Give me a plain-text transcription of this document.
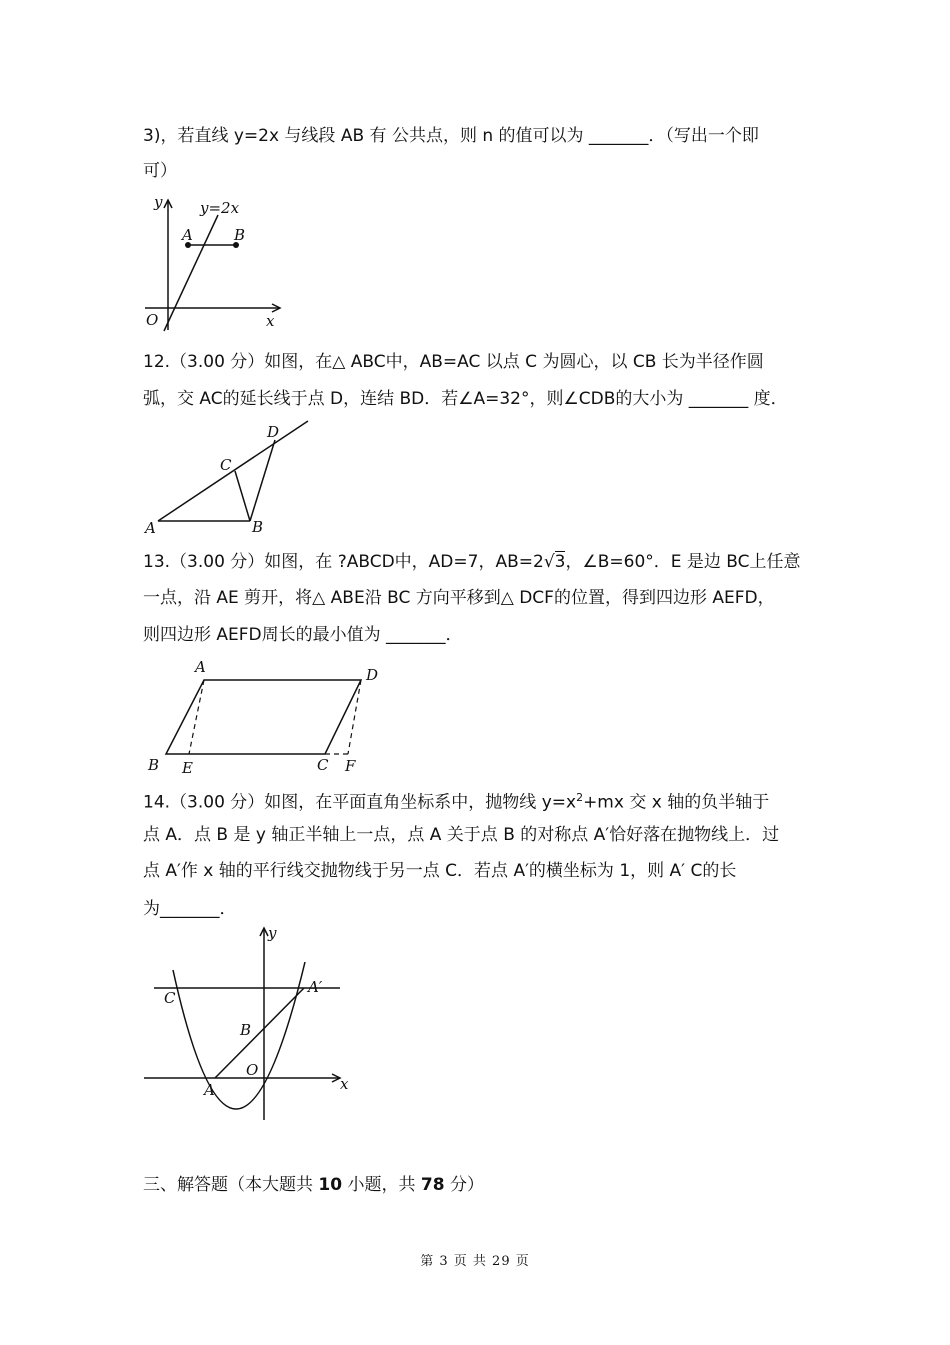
3)，若直线 y=2x 与线段 AB 有 公共点，则 n 的值可以为 _______．（写出一个即
可）
y=2x
A	B
O	x
y
12.（3.00 分）如图，在△ ABC中，AB=AC 以点 C 为圆心，以 CB 长为半径作圆
弧，交 AC的延长线于点 D，连结 BD．若∠A=32°，则∠CDB的大小为 _______ 度．
A	B
C
D
13.（3.00 分）如图，在 ?ABCD中，AD=7，AB=2√3，∠B=60°．E 是边 BC上任意
一点，沿 AE 剪开，将△ ABE沿 BC 方向平移到△ DCF的位置，得到四边形 AEFD，
则四边形 AEFD周长的最小值为 _______．
A	D
B E	C F
14.（3.00 分）如图，在平面直角坐标系中，抛物线 $y=x^2+mx$ 交 x 轴的负半轴于
点 A．点 B 是 y 轴正半轴上一点，点 A 关于点 B 的对称点 A′恰好落在抛物线上．过
点 A′作 x 轴的平行线交抛物线于另一点 C．若点 A′的横坐标为 1，则 A′ C的长
为_______．
C
A′
B
O
A	x
y
三、解答题（本大题共 10 小题，共 78 分）
第 3 页 共 29 页
